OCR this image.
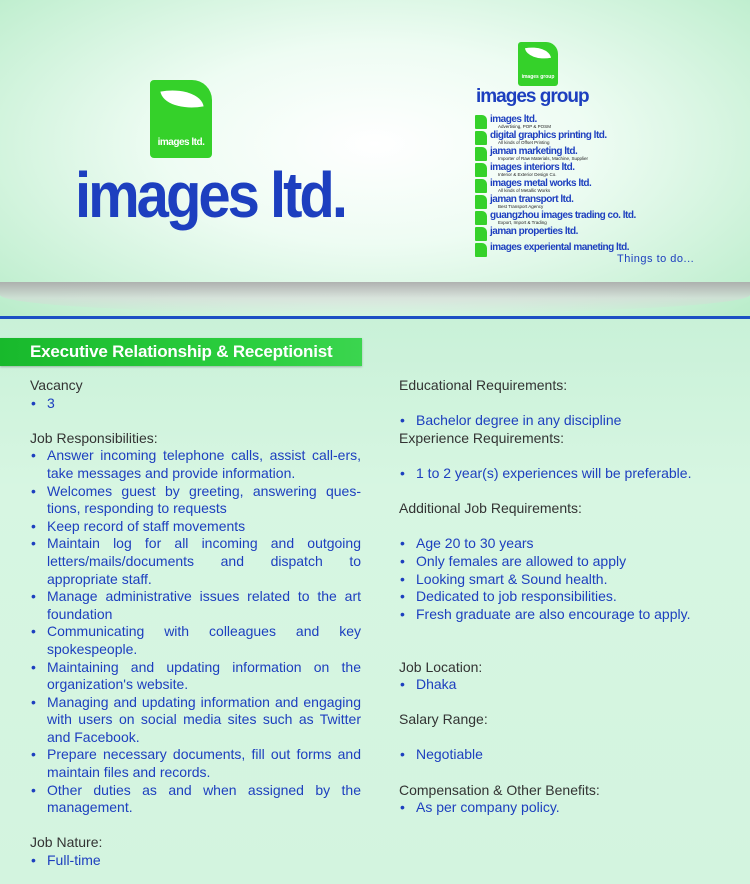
images ltd.
images ltd.
images group
images group
images ltd.
Advertising, POP & POSM
digital graphics printing ltd.
All kinds of Offset Printing
jaman marketing ltd.
Importer of Raw Materials, Machine, Supplier
images interiors ltd.
Interior & Exterior Design Co.
images metal works ltd.
All kinds of Metallic Works
jaman transport ltd.
Best Transport Agency
guangzhou images trading co. ltd.
Export, Import & Trading
jaman properties ltd.
images experiental maneting ltd.
Things to do...
Executive Relationship & Receptionist
Vacancy
• 3
Job Responsibilities:
• Answer incoming telephone calls, assist call-ers, take messages and provide information.
• Welcomes guest by greeting, answering ques-tions, responding to requests
• Keep record of staff movements
• Maintain log for all incoming and outgoing letters/mails/documents and dispatch to appropriate staff.
• Manage administrative issues related to the art foundation
• Communicating with colleagues and key spokespeople.
• Maintaining and updating information on the organization's website.
• Managing and updating information and engaging with users on social media sites such as Twitter and Facebook.
• Prepare necessary documents, fill out forms and maintain files and records.
• Other duties as and when assigned by the management.
Job Nature:
• Full-time
Educational Requirements:
• Bachelor degree in any discipline
Experience Requirements:
• 1 to 2 year(s) experiences will be preferable.
Additional Job Requirements:
• Age 20 to 30 years
• Only females are allowed to apply
• Looking smart & Sound health.
• Dedicated to job responsibilities.
• Fresh graduate are also encourage to apply.
Job Location:
• Dhaka
Salary Range:
• Negotiable
Compensation & Other Benefits:
• As per company policy.
